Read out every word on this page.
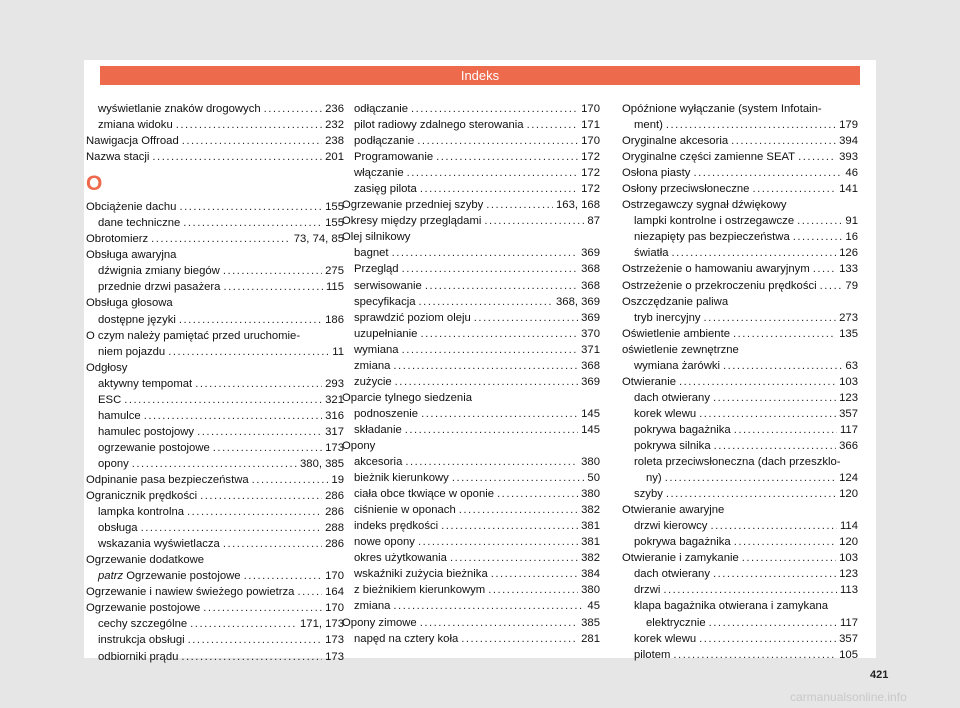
Indeks
wyświetlanie znaków drogowych .....	236
zmiana widoku .....	232
Nawigacja Offroad .....	238
Nazwa stacji .....	201
O
Obciążenie dachu .....	155
dane techniczne .....	155
Obrotomierz .....	73, 74, 85
Obsługa awaryjna
dźwignia zmiany biegów .....	275
przednie drzwi pasażera .....	115
Obsługa głosowa
dostępne języki .....	186
O czym należy pamiętać przed uruchomie-
niem pojazdu .....	11
Odgłosy
aktywny tempomat .....	293
ESC .....	321
hamulce .....	316
hamulec postojowy .....	317
ogrzewanie postojowe .....	173
opony .....	380, 385
Odpinanie pasa bezpieczeństwa .....	19
Ogranicznik prędkości .....	286
lampka kontrolna .....	286
obsługa .....	288
wskazania wyświetlacza .....	286
Ogrzewanie dodatkowe
patrz Ogrzewanie postojowe .....	170
Ogrzewanie i nawiew świeżego powietrza .....	164
Ogrzewanie postojowe .....	170
cechy szczególne .....	171, 173
instrukcja obsługi .....	173
odbiorniki prądu .....	173
odłączanie .....	170
pilot radiowy zdalnego sterowania .....	171
podłączanie .....	170
Programowanie .....	172
włączanie .....	172
zasięg pilota .....	172
Ogrzewanie przedniej szyby .....	163, 168
Okresy między przeglądami .....	87
Olej silnikowy
bagnet .....	369
Przegląd .....	368
serwisowanie .....	368
specyfikacja .....	368, 369
sprawdzić poziom oleju .....	369
uzupełnianie .....	370
wymiana .....	371
zmiana .....	368
zużycie .....	369
Oparcie tylnego siedzenia
podnoszenie .....	145
składanie .....	145
Opony
akcesoria .....	380
bieżnik kierunkowy .....	50
ciała obce tkwiące w oponie .....	380
ciśnienie w oponach .....	382
indeks prędkości .....	381
nowe opony .....	381
okres użytkowania .....	382
wskaźniki zużycia bieżnika .....	384
z bieżnikiem kierunkowym .....	380
zmiana .....	45
Opony zimowe .....	385
napęd na cztery koła .....	281
Opóźnione wyłączanie (system Infotain-
ment) .....	179
Oryginalne akcesoria .....	394
Oryginalne części zamienne SEAT .....	393
Osłona piasty .....	46
Osłony przeciwsłoneczne .....	141
Ostrzegawczy sygnał dźwiękowy
lampki kontrolne i ostrzegawcze .....	91
niezapięty pas bezpieczeństwa .....	16
światła .....	126
Ostrzeżenie o hamowaniu awaryjnym .....	133
Ostrzeżenie o przekroczeniu prędkości .....	79
Oszczędzanie paliwa
tryb inercyjny .....	273
Oświetlenie ambiente .....	135
oświetlenie zewnętrzne
wymiana żarówki .....	63
Otwieranie .....	103
dach otwierany .....	123
korek wlewu .....	357
pokrywa bagażnika .....	117
pokrywa silnika .....	366
roleta przeciwsłoneczna (dach przeszklo-
ny) .....	124
szyby .....	120
Otwieranie awaryjne
drzwi kierowcy .....	114
pokrywa bagażnika .....	120
Otwieranie i zamykanie .....	103
dach otwierany .....	123
drzwi .....	113
klapa bagażnika otwierana i zamykana
elektrycznie .....	117
korek wlewu .....	357
pilotem .....	105
421
carmanualsonline.info
